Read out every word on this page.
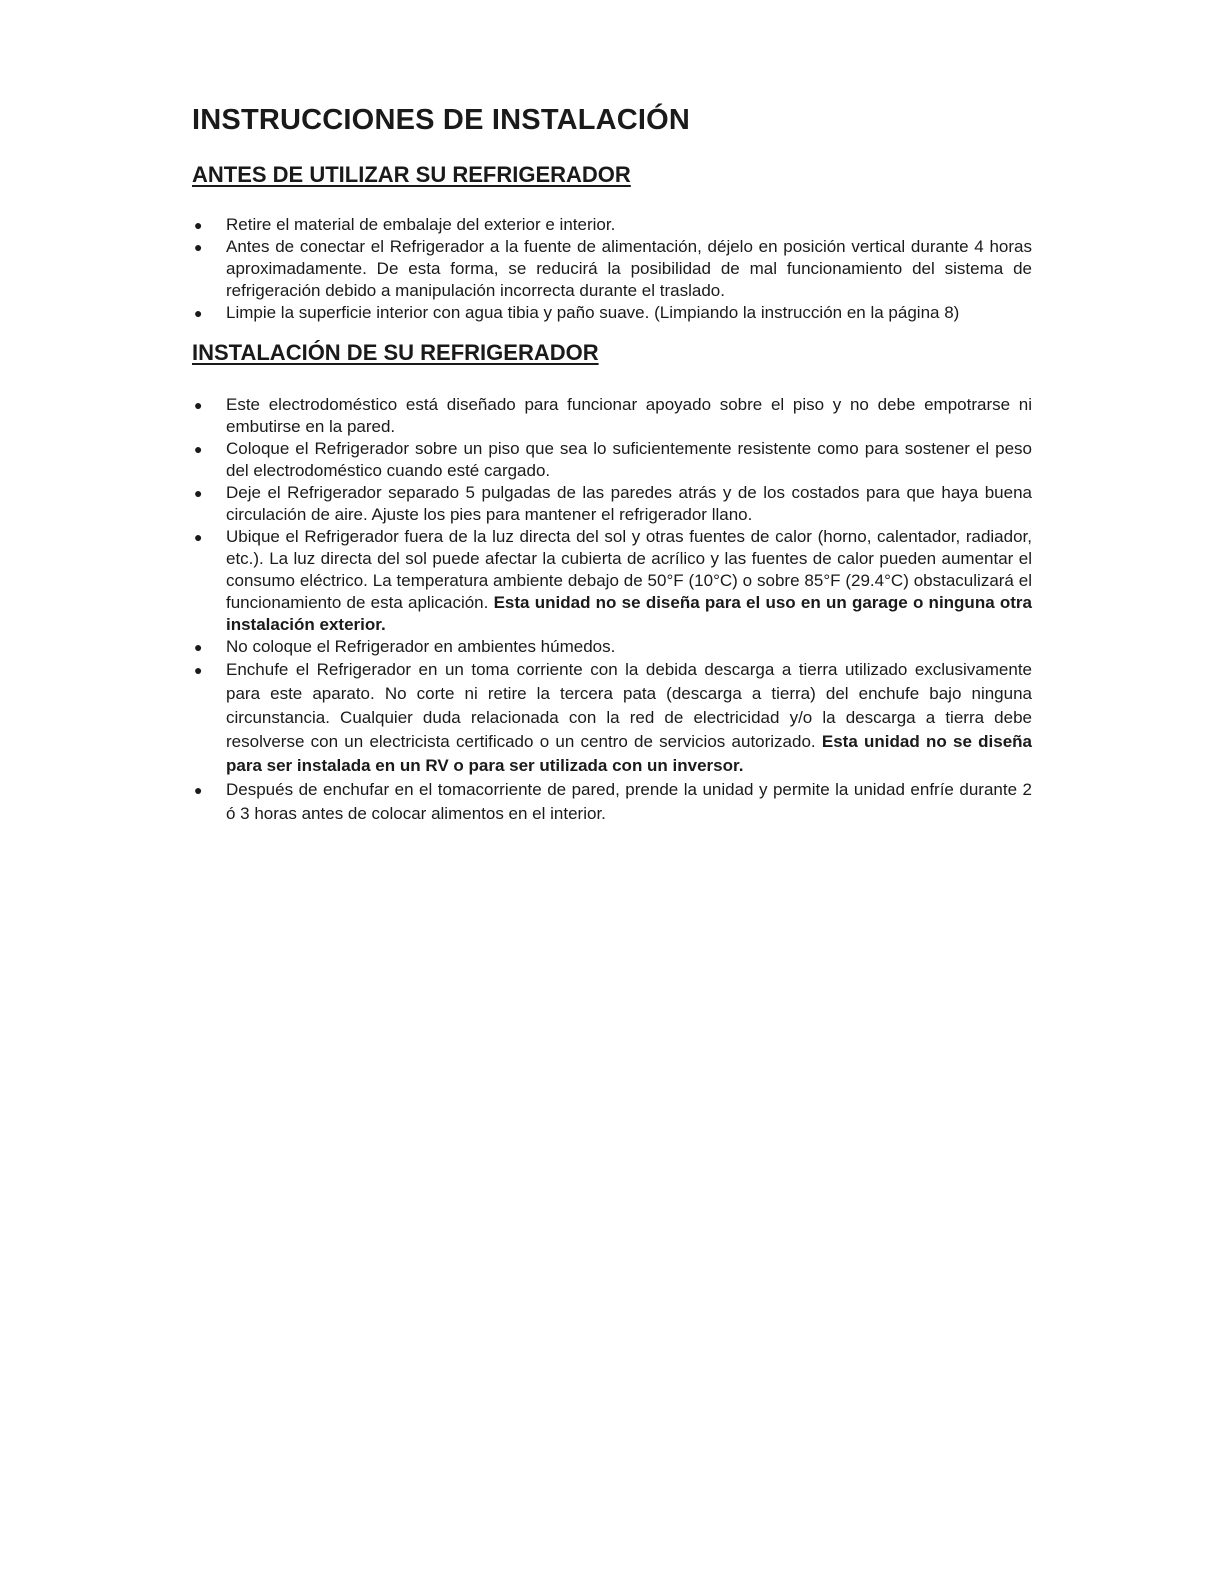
INSTRUCCIONES DE INSTALACIÓN
ANTES DE UTILIZAR SU REFRIGERADOR
●	Retire el material de embalaje del exterior e interior.
●	Antes de conectar el Refrigerador a la fuente de alimentación, déjelo en posición vertical durante 4 horas aproximadamente. De esta forma, se reducirá la posibilidad de mal funcionamiento del sistema de refrigeración debido a manipulación incorrecta durante el traslado.
●	Limpie la superficie interior con agua tibia y paño suave. (Limpiando la instrucción en la página 8)
INSTALACIÓN DE SU REFRIGERADOR
●	Este electrodoméstico está diseñado para funcionar apoyado sobre el piso y no debe empotrarse ni embutirse en la pared.
●	Coloque el Refrigerador sobre un piso que sea lo suficientemente resistente como para sostener el peso del electrodoméstico cuando esté cargado.
●	Deje el Refrigerador separado 5 pulgadas de las paredes atrás y de los costados para que haya buena circulación de aire. Ajuste los pies para mantener el refrigerador llano.
●	Ubique el Refrigerador fuera de la luz directa del sol y otras fuentes de calor (horno, calentador, radiador, etc.). La luz directa del sol puede afectar la cubierta de acrílico y las fuentes de calor pueden aumentar el consumo eléctrico. La temperatura ambiente debajo de 50°F (10°C) o sobre 85°F (29.4°C) obstaculizará el funcionamiento de esta aplicación. Esta unidad no se diseña para el uso en un garage o ninguna otra instalación exterior.
●	No coloque el Refrigerador en ambientes húmedos.
●	Enchufe el Refrigerador en un toma corriente con la debida descarga a tierra utilizado exclusivamente para este aparato. No corte ni retire la tercera pata (descarga a tierra) del enchufe bajo ninguna circunstancia. Cualquier duda relacionada con la red de electricidad y/o la descarga a tierra debe resolverse con un electricista certificado o un centro de servicios autorizado. Esta unidad no se diseña para ser instalada en un RV o para ser utilizada con un inversor.
●	Después de enchufar en el tomacorriente de pared, prende la unidad y permite la unidad enfríe durante 2 ó 3 horas antes de colocar alimentos en el interior.
